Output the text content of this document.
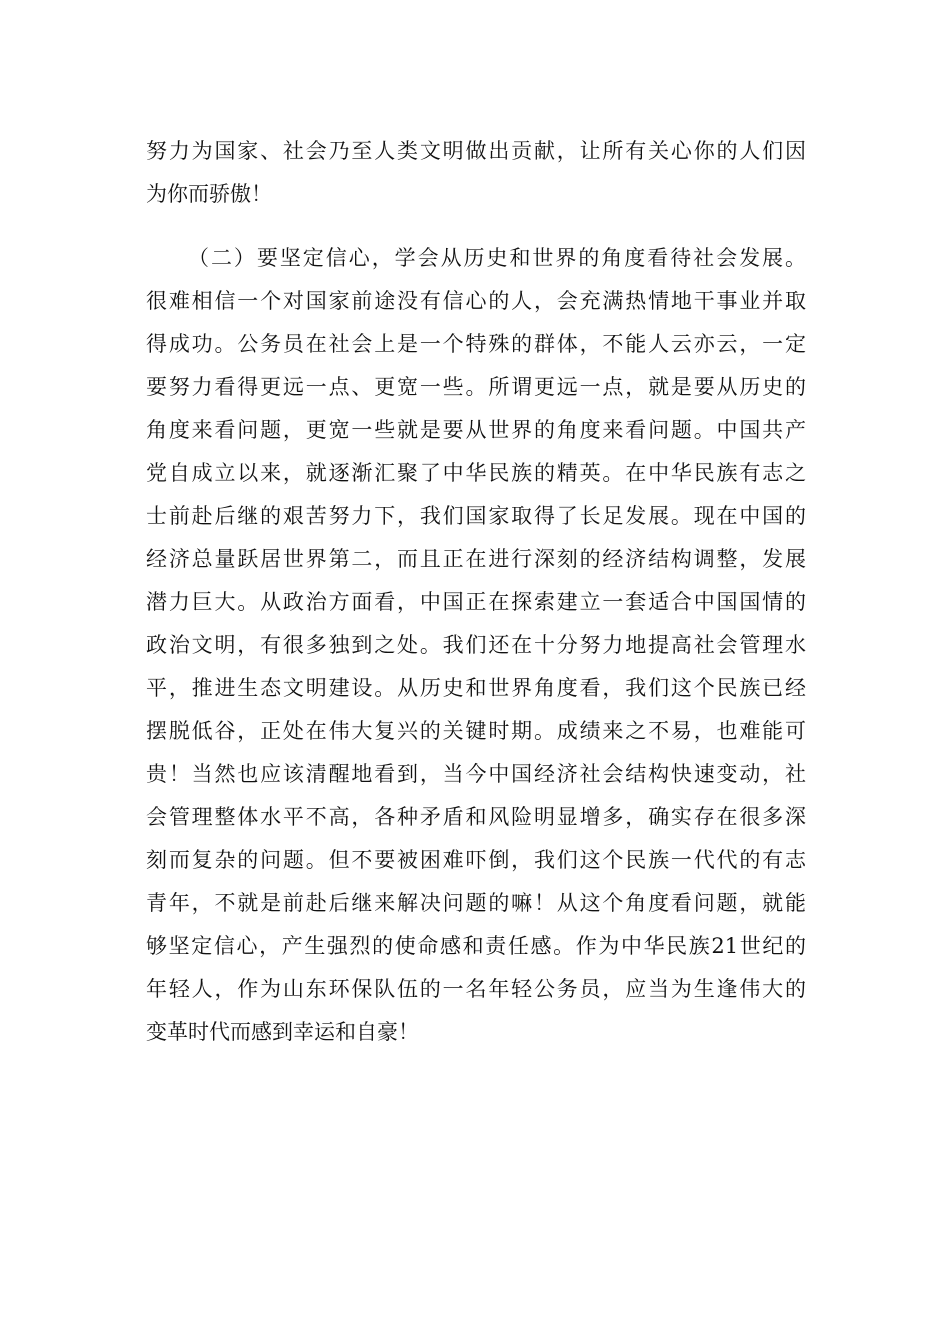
努力为国家、社会乃至人类文明做出贡献，让所有关心你的人们因
为你而骄傲！
（二）要坚定信心，学会从历史和世界的角度看待社会发展。
很难相信一个对国家前途没有信心的人，会充满热情地干事业并取
得成功。公务员在社会上是一个特殊的群体，不能人云亦云，一定
要努力看得更远一点、更宽一些。所谓更远一点，就是要从历史的
角度来看问题，更宽一些就是要从世界的角度来看问题。中国共产
党自成立以来，就逐渐汇聚了中华民族的精英。在中华民族有志之
士前赴后继的艰苦努力下，我们国家取得了长足发展。现在中国的
经济总量跃居世界第二，而且正在进行深刻的经济结构调整，发展
潜力巨大。从政治方面看，中国正在探索建立一套适合中国国情的
政治文明，有很多独到之处。我们还在十分努力地提高社会管理水
平，推进生态文明建设。从历史和世界角度看，我们这个民族已经
摆脱低谷，正处在伟大复兴的关键时期。成绩来之不易，也难能可
贵！当然也应该清醒地看到，当今中国经济社会结构快速变动，社
会管理整体水平不高，各种矛盾和风险明显增多，确实存在很多深
刻而复杂的问题。但不要被困难吓倒，我们这个民族一代代的有志
青年，不就是前赴后继来解决问题的嘛！从这个角度看问题，就能
够坚定信心，产生强烈的使命感和责任感。作为中华民族21世纪的
年轻人，作为山东环保队伍的一名年轻公务员，应当为生逢伟大的
变革时代而感到幸运和自豪！
